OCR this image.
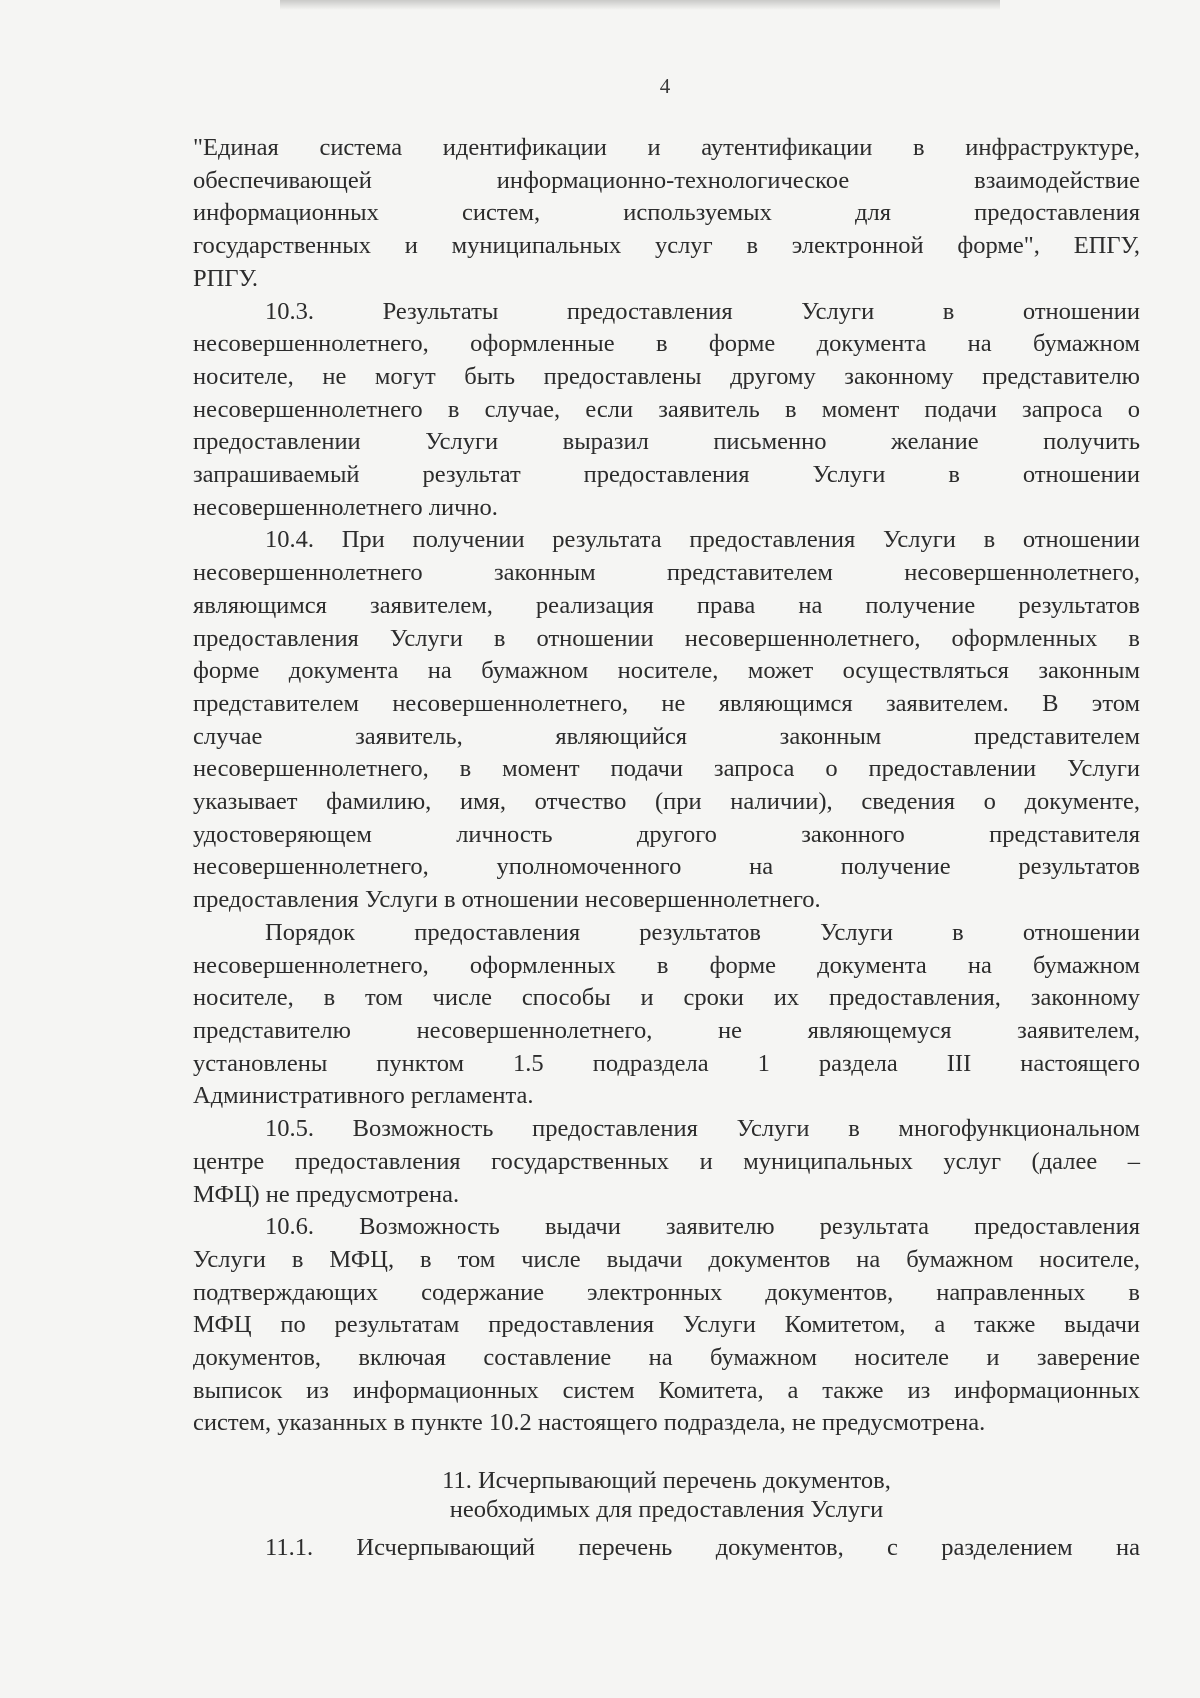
4

"Единая система идентификации и аутентификации в инфраструктуре,
обеспечивающей информационно-технологическое взаимодействие
информационных систем, используемых для предоставления
государственных и муниципальных услуг в электронной форме", ЕПГУ,
РПГУ.

10.3. Результаты предоставления Услуги в отношении
несовершеннолетнего, оформленные в форме документа на бумажном
носителе, не могут быть предоставлены другому законному представителю
несовершеннолетнего в случае, если заявитель в момент подачи запроса о
предоставлении Услуги выразил письменно желание получить
запрашиваемый результат предоставления Услуги в отношении
несовершеннолетнего лично.

10.4. При получении результата предоставления Услуги в отношении
несовершеннолетнего законным представителем несовершеннолетнего,
являющимся заявителем, реализация права на получение результатов
предоставления Услуги в отношении несовершеннолетнего, оформленных в
форме документа на бумажном носителе, может осуществляться законным
представителем несовершеннолетнего, не являющимся заявителем. В этом
случае заявитель, являющийся законным представителем
несовершеннолетнего, в момент подачи запроса о предоставлении Услуги
указывает фамилию, имя, отчество (при наличии), сведения о документе,
удостоверяющем личность другого законного представителя
несовершеннолетнего, уполномоченного на получение результатов
предоставления Услуги в отношении несовершеннолетнего.

Порядок предоставления результатов Услуги в отношении
несовершеннолетнего, оформленных в форме документа на бумажном
носителе, в том числе способы и сроки их предоставления, законному
представителю несовершеннолетнего, не являющемуся заявителем,
установлены пунктом 1.5 подраздела 1 раздела III настоящего
Административного регламента.

10.5. Возможность предоставления Услуги в многофункциональном
центре предоставления государственных и муниципальных услуг (далее –
МФЦ) не предусмотрена.

10.6. Возможность выдачи заявителю результата предоставления
Услуги в МФЦ, в том числе выдачи документов на бумажном носителе,
подтверждающих содержание электронных документов, направленных в
МФЦ по результатам предоставления Услуги Комитетом, а также выдачи
документов, включая составление на бумажном носителе и заверение
выписок из информационных систем Комитета, а также из информационных
систем, указанных в пункте 10.2 настоящего подраздела, не предусмотрена.

11. Исчерпывающий перечень документов,
необходимых для предоставления Услуги

11.1. Исчерпывающий перечень документов, с разделением на
